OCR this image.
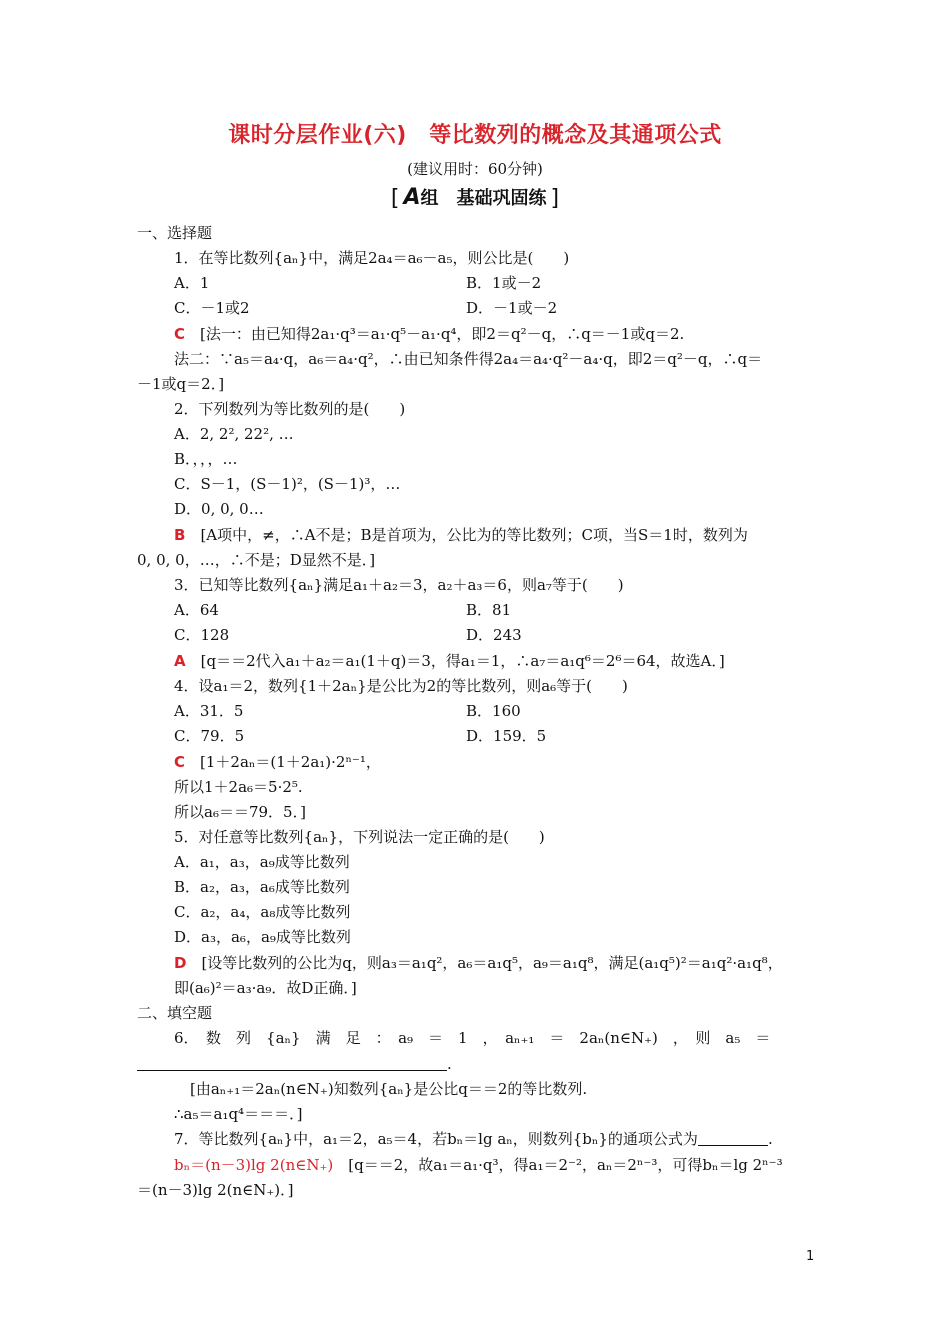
课时分层作业(六)　等比数列的概念及其通项公式
(建议用时：60分钟)
[ A组　基础巩固练 ]
一、选择题
1．在等比数列{aₙ}中，满足2a₄＝a₆－a₅，则公比是(　　)
A．1	B．1或－2
C．－1或2	D．－1或－2
C　[法一：由已知得2a₁·q³＝a₁·q⁵－a₁·q⁴，即2＝q²－q，∴q＝－1或q＝2.
法二：∵a₅＝a₄·q，a₆＝a₄·q²，∴由已知条件得2a₄＝a₄·q²－a₄·q，即2＝q²－q，∴q＝
－1或q＝2．]
2．下列数列为等比数列的是(　　)
A．2, 2², 22², …
B．，，，…
C．S－1，(S－1)²，(S－1)³，…
D．0, 0, 0…
B　[A项中，≠，∴A不是；B是首项为，公比为的等比数列；C项，当S＝1时，数列为
0, 0, 0，…，∴不是；D显然不是．]
3．已知等比数列{aₙ}满足a₁＋a₂＝3，a₂＋a₃＝6，则a₇等于(　　)
A．64	B．81
C．128	D．243
A　[q＝＝2代入a₁＋a₂＝a₁(1＋q)＝3，得a₁＝1，∴a₇＝a₁q⁶＝2⁶＝64，故选A．]
4．设a₁＝2，数列{1＋2aₙ}是公比为2的等比数列，则a₆等于(　　)
A．31．5	B．160
C．79．5	D．159．5
C　[1＋2aₙ＝(1＋2a₁)·2ⁿ⁻¹，
所以1＋2a₆＝5·2⁵.
所以a₆＝＝79．5．]
5．对任意等比数列{aₙ}，下列说法一定正确的是(　　)
A．a₁，a₃，a₉成等比数列
B．a₂，a₃，a₆成等比数列
C．a₂，a₄，a₈成等比数列
D．a₃，a₆，a₉成等比数列
D　[设等比数列的公比为q，则a₃＝a₁q²，a₆＝a₁q⁵，a₉＝a₁q⁸，满足(a₁q⁵)²＝a₁q²·a₁q⁸，
即(a₆)²＝a₃·a₉．故D正确．]
二、填空题
6．　数　列　{aₙ}　满　足　：　a₉　＝　1　，　aₙ₊₁　＝　2aₙ(n∈N₊)　，　则　a₅　＝
.
[由aₙ₊₁＝2aₙ(n∈N₊)知数列{aₙ}是公比q＝＝2的等比数列.
∴a₅＝a₁q⁴＝＝＝．]
7．等比数列{aₙ}中，a₁＝2，a₅＝4，若bₙ＝lg aₙ，则数列{bₙ}的通项公式为	.
bₙ＝(n－3)lg 2(n∈N₊)　[q＝＝2，故a₁＝a₁·q³，得a₁＝2⁻²，aₙ＝2ⁿ⁻³，可得bₙ＝lg 2ⁿ⁻³
＝(n－3)lg 2(n∈N₊)．]
1
